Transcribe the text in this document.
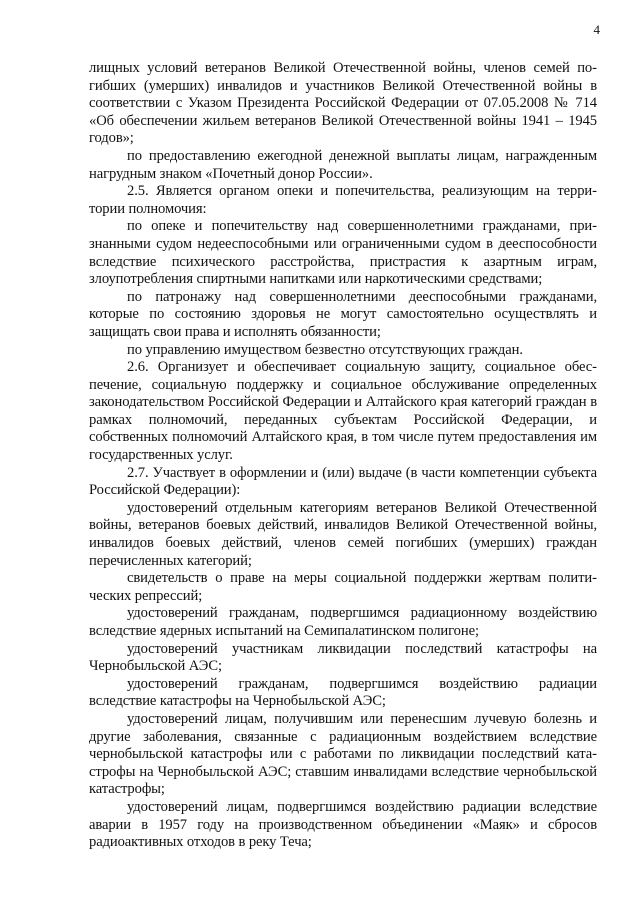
4

лищных условий ветеранов Великой Отечественной войны, членов семей погибших (умерших) инвалидов и участников Великой Отечественной войны в соответствии с Указом Президента Российской Федерации от 07.05.2008 № 714 «Об обеспечении жильем ветеранов Великой Отечественной войны 1941 – 1945 годов»;

по предоставлению ежегодной денежной выплаты лицам, награжденным нагрудным знаком «Почетный донор России».

2.5. Является органом опеки и попечительства, реализующим на территории полномочия:

по опеке и попечительству над совершеннолетними гражданами, признанными судом недееспособными или ограниченными судом в дееспособности вследствие психического расстройства, пристрастия к азартным играм, злоупотребления спиртными напитками или наркотическими средствами;

по патронажу над совершеннолетними дееспособными гражданами, которые по состоянию здоровья не могут самостоятельно осуществлять и защищать свои права и исполнять обязанности;

по управлению имуществом безвестно отсутствующих граждан.

2.6. Организует и обеспечивает социальную защиту, социальное обеспечение, социальную поддержку и социальное обслуживание определенных законодательством Российской Федерации и Алтайского края категорий граждан в рамках полномочий, переданных субъектам Российской Федерации, и собственных полномочий Алтайского края, в том числе путем предоставления им государственных услуг.

2.7. Участвует в оформлении и (или) выдаче (в части компетенции субъекта Российской Федерации):

удостоверений отдельным категориям ветеранов Великой Отечественной войны, ветеранов боевых действий, инвалидов Великой Отечественной войны, инвалидов боевых действий, членов семей погибших (умерших) граждан перечисленных категорий;

свидетельств о праве на меры социальной поддержки жертвам политических репрессий;

удостоверений гражданам, подвергшимся радиационному воздействию вследствие ядерных испытаний на Семипалатинском полигоне;

удостоверений участникам ликвидации последствий катастрофы на Чернобыльской АЭС;

удостоверений гражданам, подвергшимся воздействию радиации вследствие катастрофы на Чернобыльской АЭС;

удостоверений лицам, получившим или перенесшим лучевую болезнь и другие заболевания, связанные с радиационным воздействием вследствие чернобыльской катастрофы или с работами по ликвидации последствий катастрофы на Чернобыльской АЭС; ставшим инвалидами вследствие чернобыльской катастрофы;

удостоверений лицам, подвергшимся воздействию радиации вследствие аварии в 1957 году на производственном объединении «Маяк» и сбросов радиоактивных отходов в реку Теча;
